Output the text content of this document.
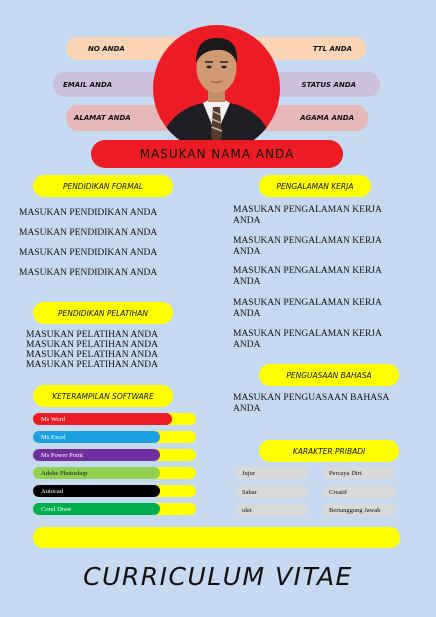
NO ANDA	TTL ANDA
EMAIL ANDA	STATUS ANDA
ALAMAT ANDA	AGAMA ANDA
MASUKAN NAMA ANDA
PENDIDIKAN FORMAL
MASUKAN PENDIDIKAN ANDA
MASUKAN PENDIDIKAN ANDA
MASUKAN PENDIDIKAN ANDA
MASUKAN PENDIDIKAN ANDA
PENDIDIKAN PELATIHAN
MASUKAN PELATIHAN ANDA
MASUKAN PELATIHAN ANDA
MASUKAN PELATIHAN ANDA
MASUKAN PELATIHAN ANDA
KETERAMPILAN SOFTWARE
Ms Word
Ms Excel
Ms Power Point
Adobe Photoshop
Autocad
Corel Draw
PENGALAMAN KERJA
MASUKAN PENGALAMAN KERJA ANDA
MASUKAN PENGALAMAN KERJA ANDA
MASUKAN PENGALAMAN KERJA ANDA
MASUKAN PENGALAMAN KERJA ANDA
MASUKAN PENGALAMAN KERJA ANDA
PENGUASAAN BAHASA
MASUKAN PENGUASAAN BAHASA ANDA
KARAKTER PRIBADI
Jujur	Percaya Diri
Sabar	Creatif
ulet	Bertanggung Jawab
CURRICULUM VITAE
